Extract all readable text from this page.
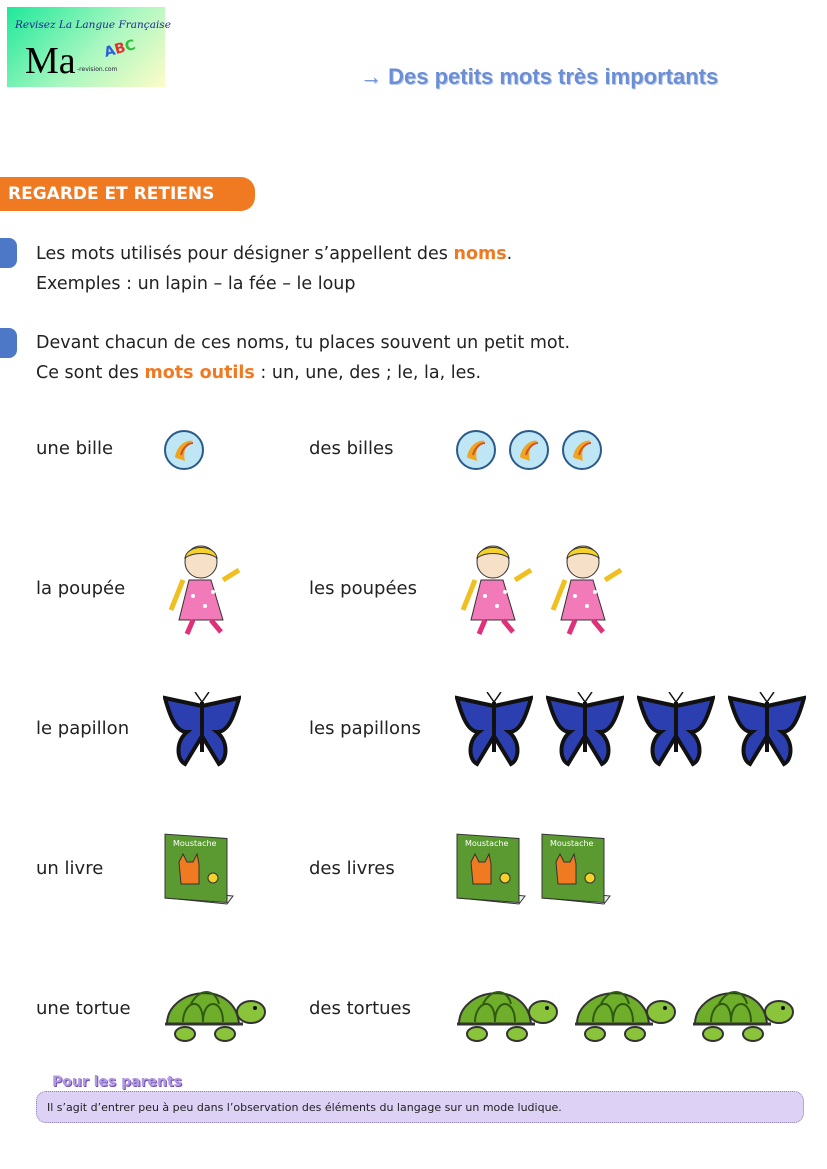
Revisez La Langue Française
Ma ABC
-revision.com	→ Des petits mots très importants
REGARDE ET RETIENS
Les mots utilisés pour désigner s’appellent des noms.
Exemples : un lapin – la fée – le loup
Devant chacun de ces noms, tu places souvent un petit mot.
Ce sont des mots outils : un, une, des ; le, la, les.
une bille	des billes
la poupée	les poupées
le papillon	les papillons
un livre	des livres
Moustache	Moustache	Moustache
une tortue	des tortues
Pour les parents
Il s’agit d’entrer peu à peu dans l’observation des éléments du langage sur un mode ludique.
